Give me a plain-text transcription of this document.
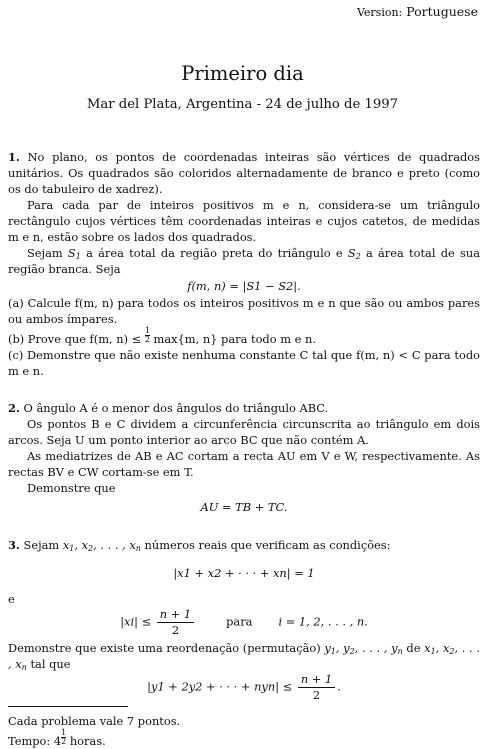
Version: Portuguese
Primeiro dia
Mar del Plata, Argentina - 24 de julho de 1997

1. No plano, os pontos de coordenadas inteiras são vértices de quadrados unitários. Os quadrados são coloridos alternadamente de branco e preto (como os do tabuleiro de xadrez).

Para cada par de inteiros positivos m e n, considera-se um triângulo rectângulo cujos vértices têm coordenadas inteiras e cujos catetos, de medidas m e n, estão sobre os lados dos quadrados.

Sejam $S_1$ a área total da região preta do triângulo e $S_2$ a área total de sua região branca. Seja

f(m, n) = |S1 − S2|.

(a) Calcule f(m, n) para todos os inteiros positivos m e n que são ou ambos pares ou ambos ímpares.

(b) Prove que f(m, $n) \le \frac{1}{2} \max\{m$, n} para todo m e n.

(c) Demonstre que não existe nenhuma constante C tal que f(m, n) < C para todo m e n.

2. O ângulo A é o menor dos ângulos do triângulo ABC.

Os pontos B e C dividem a circunferência circunscrita ao triângulo em dois arcos. Seja U um ponto interior ao arco BC que não contém A.

As mediatrizes de AB e AC cortam a recta AU em V e W, respectivamente. As rectas BV e CW cortam-se em T.

Demonstre que

AU = TB + TC.

3. Sejam $x_1$, $x_2$, . . . , $x_n$ números reais que verificam as condições:

|x1 + x2 + · · · + xn| = 1

e

$|xi| \le \frac{n + 1}{2}$	para i = 1, 2, . . . , n.

Demonstre que existe uma reordenação (permutação) $y_1$, $y_2$, . . . , $y_n$ de $x_1$, $x_2$, . . . , $x_n$ tal que

|y1 + 2y2 + · · · + $nyn| \le \frac{n + 1}{2}$ .

Cada problema vale 7 pontos.
Tempo: $4 \frac{1}{2}$ horas.
